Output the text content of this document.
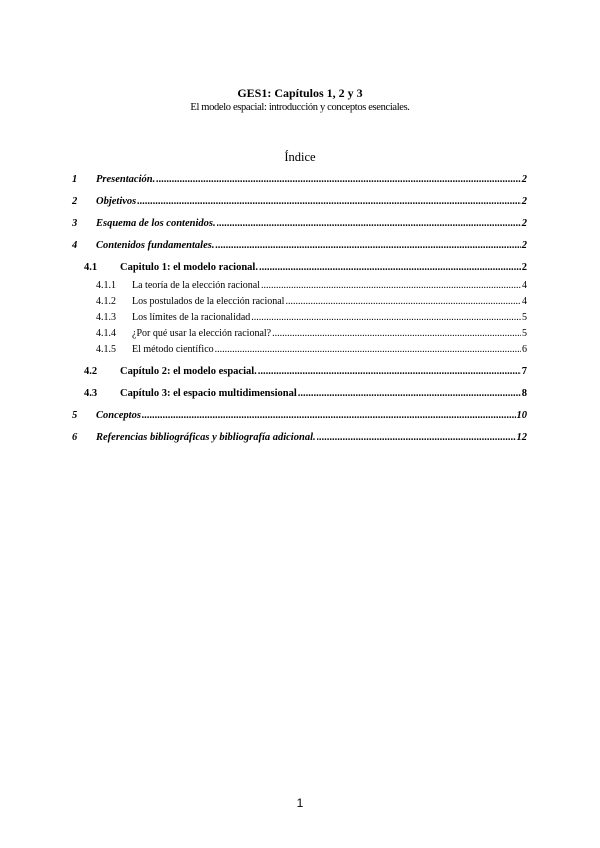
GES1: Capítulos 1, 2 y 3
El modelo espacial: introducción y conceptos esenciales.
Índice
1	Presentación. .....	2
2	Objetivos .....	2
3	Esquema de los contenidos. .....	2
4	Contenidos fundamentales. .....	2
4.1	Capitulo 1: el modelo racional. .....	2
4.1.1	La teoría de la elección racional .....	4
4.1.2	Los postulados de la elección racional .....	4
4.1.3	Los límites de la racionalidad .....	5
4.1.4	¿Por qué usar la elección racional? .....	5
4.1.5	El método científico .....	6
4.2	Capítulo 2: el modelo espacial. .....	7
4.3	Capítulo 3: el espacio multidimensional .....	8
5	Conceptos .....	10
6	Referencias bibliográficas y bibliografía adicional. .....	12
1
